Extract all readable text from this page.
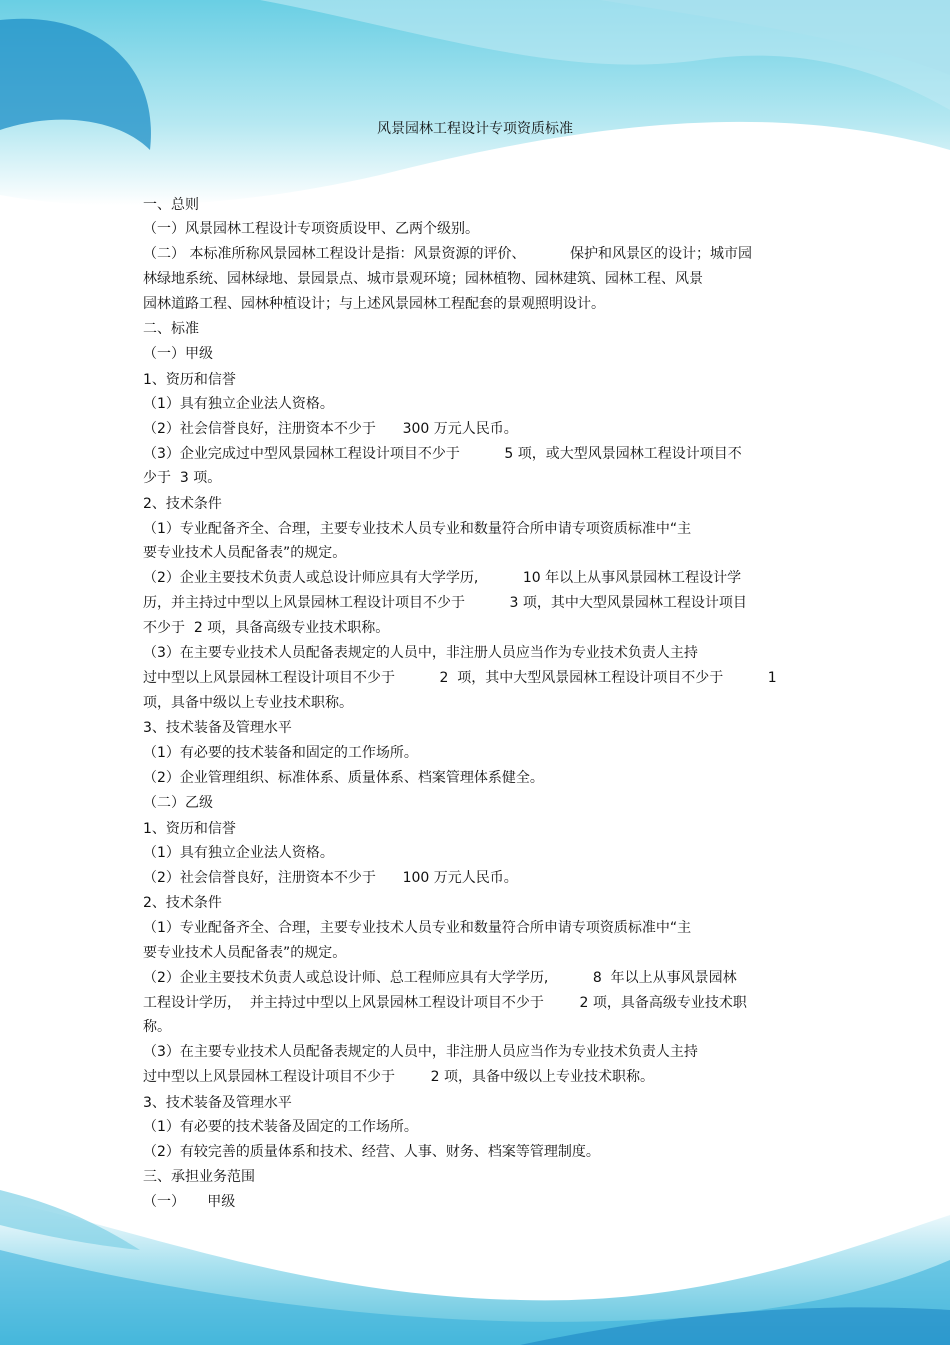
风景园林工程设计专项资质标准
一、总则
（一）风景园林工程设计专项资质设甲、乙两个级别。
（二） 本标准所称风景园林工程设计是指：风景资源的评价、          保护和风景区的设计；城市园
林绿地系统、园林绿地、景园景点、城市景观环境；园林植物、园林建筑、园林工程、风景
园林道路工程、园林种植设计；与上述风景园林工程配套的景观照明设计。
二、标准
（一）甲级
1、资历和信誉
（1）具有独立企业法人资格。
（2）社会信誉良好，注册资本不少于      300 万元人民币。
（3）企业完成过中型风景园林工程设计项目不少于          5 项，或大型风景园林工程设计项目不
少于  3 项。
2、技术条件
（1）专业配备齐全、合理，主要专业技术人员专业和数量符合所申请专项资质标准中“主
要专业技术人员配备表”的规定。
（2）企业主要技术负责人或总设计师应具有大学学历,          10 年以上从事风景园林工程设计学
历，并主持过中型以上风景园林工程设计项目不少于          3 项，其中大型风景园林工程设计项目
不少于  2 项，具备高级专业技术职称。
（3）在主要专业技术人员配备表规定的人员中，非注册人员应当作为专业技术负责人主持
过中型以上风景园林工程设计项目不少于          2  项，其中大型风景园林工程设计项目不少于          1
项，具备中级以上专业技术职称。
3、技术装备及管理水平
（1）有必要的技术装备和固定的工作场所。
（2）企业管理组织、标准体系、质量体系、档案管理体系健全。
（二）乙级
1、资历和信誉
（1）具有独立企业法人资格。
（2）社会信誉良好，注册资本不少于      100 万元人民币。
2、技术条件
（1）专业配备齐全、合理，主要专业技术人员专业和数量符合所申请专项资质标准中“主
要专业技术人员配备表”的规定。
（2）企业主要技术负责人或总设计师、总工程师应具有大学学历,          8  年以上从事风景园林
工程设计学历，  并主持过中型以上风景园林工程设计项目不少于        2 项，具备高级专业技术职
称。
（3）在主要专业技术人员配备表规定的人员中，非注册人员应当作为专业技术负责人主持
过中型以上风景园林工程设计项目不少于        2 项，具备中级以上专业技术职称。
3、技术装备及管理水平
（1）有必要的技术装备及固定的工作场所。
（2）有较完善的质量体系和技术、经营、人事、财务、档案等管理制度。
三、承担业务范围
（一）     甲级
